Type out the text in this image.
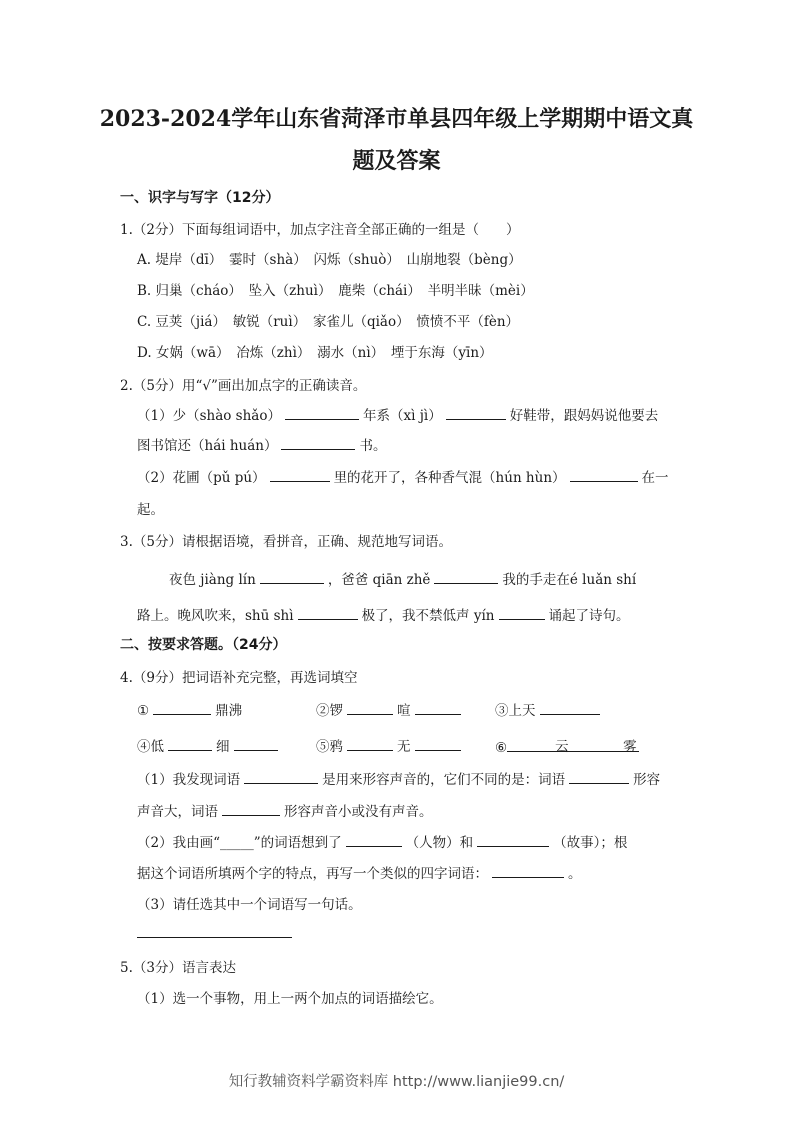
2023-2024学年山东省菏泽市单县四年级上学期期中语文真
题及答案
一、识字与写字（12分）
1.（2分）下面每组词语中，加点字注音全部正确的一组是（　　）
A. 堤岸（dī）　霎时（shà）　闪烁（shuò）　山崩地裂（bèng）
B. 归巢（cháo）　坠入（zhuì）　鹿柴（chái）　半明半昧（mèi）
C. 豆荚（jiá）　敏锐（ruì）　家雀儿（qiǎo）　愤愤不平（fèn）
D. 女娲（wā）　冶炼（zhì）　溺水（nì）　堙于东海（yīn）
2.（5分）用“√”画出加点字的正确读音。
（1）少（shào shǎo）	年系（xì jì）	好鞋带，跟妈妈说他要去
图书馆还（hái huán）	书。
（2）花圃（pǔ pú）	里的花开了，各种香气混（hún hùn）	在一
起。
3.（5分）请根据语境，看拼音，正确、规范地写词语。
夜色 jiàng lín	，爸爸 qiān zhě	我的手走在é luǎn shí
路上。晚风吹来，shū shì	极了，我不禁低声 yín	诵起了诗句。
二、按要求答题。（24分）
4.（9分）把词语补充完整，再选词填空
①	鼎沸	②锣	喧	③上天
④低	细	⑤鸦	无	⑥	云	雾
（1）我发现词语	是用来形容声音的，它们不同的是：词语	形容
声音大，词语	形容声音小或没有声音。
（2）我由画“_____”的词语想到了	（人物）和	（故事）；根
据这个词语所填两个字的特点，再写一个类似的四字词语：	。
（3）请任选其中一个词语写一句话。
5.（3分）语言表达
（1）选一个事物，用上一两个加点的词语描绘它。
知行教辅资料学霸资料库 http://www.lianjie99.cn/
